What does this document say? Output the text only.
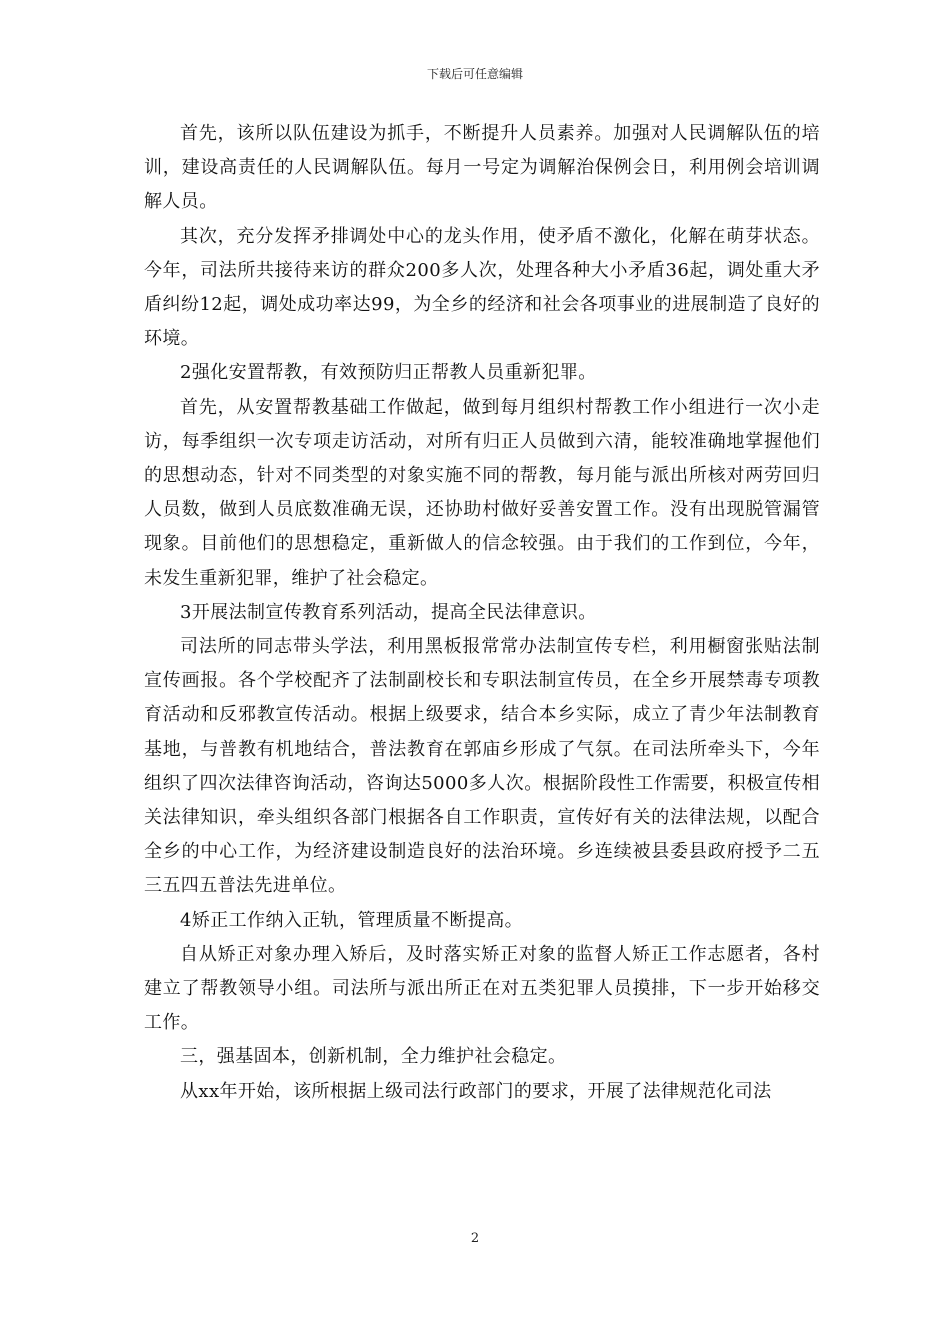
下载后可任意编辑

首先，该所以队伍建设为抓手，不断提升人员素养。加强对人民调解队伍的培训，建设高责任的人民调解队伍。每月一号定为调解治保例会日，利用例会培训调解人员。

其次，充分发挥矛排调处中心的龙头作用，使矛盾不激化，化解在萌芽状态。今年，司法所共接待来访的群众200多人次，处理各种大小矛盾36起，调处重大矛盾纠纷12起，调处成功率达99，为全乡的经济和社会各项事业的进展制造了良好的环境。

2强化安置帮教，有效预防归正帮教人员重新犯罪。

首先，从安置帮教基础工作做起，做到每月组织村帮教工作小组进行一次小走访，每季组织一次专项走访活动，对所有归正人员做到六清，能较准确地掌握他们的思想动态，针对不同类型的对象实施不同的帮教，每月能与派出所核对两劳回归人员数，做到人员底数准确无误，还协助村做好妥善安置工作。没有出现脱管漏管现象。目前他们的思想稳定，重新做人的信念较强。由于我们的工作到位，今年，未发生重新犯罪，维护了社会稳定。

3开展法制宣传教育系列活动，提高全民法律意识。

司法所的同志带头学法，利用黑板报常常办法制宣传专栏，利用橱窗张贴法制宣传画报。各个学校配齐了法制副校长和专职法制宣传员，在全乡开展禁毒专项教育活动和反邪教宣传活动。根据上级要求，结合本乡实际，成立了青少年法制教育基地，与普教有机地结合，普法教育在郭庙乡形成了气氛。在司法所牵头下，今年组织了四次法律咨询活动，咨询达5000多人次。根据阶段性工作需要，积极宣传相关法律知识，牵头组织各部门根据各自工作职责，宣传好有关的法律法规，以配合全乡的中心工作，为经济建设制造良好的法治环境。乡连续被县委县政府授予二五三五四五普法先进单位。

4矫正工作纳入正轨，管理质量不断提高。

自从矫正对象办理入矫后，及时落实矫正对象的监督人矫正工作志愿者，各村建立了帮教领导小组。司法所与派出所正在对五类犯罪人员摸排，下一步开始移交工作。

三，强基固本，创新机制，全力维护社会稳定。

从xx年开始，该所根据上级司法行政部门的要求，开展了法律规范化司法

2
